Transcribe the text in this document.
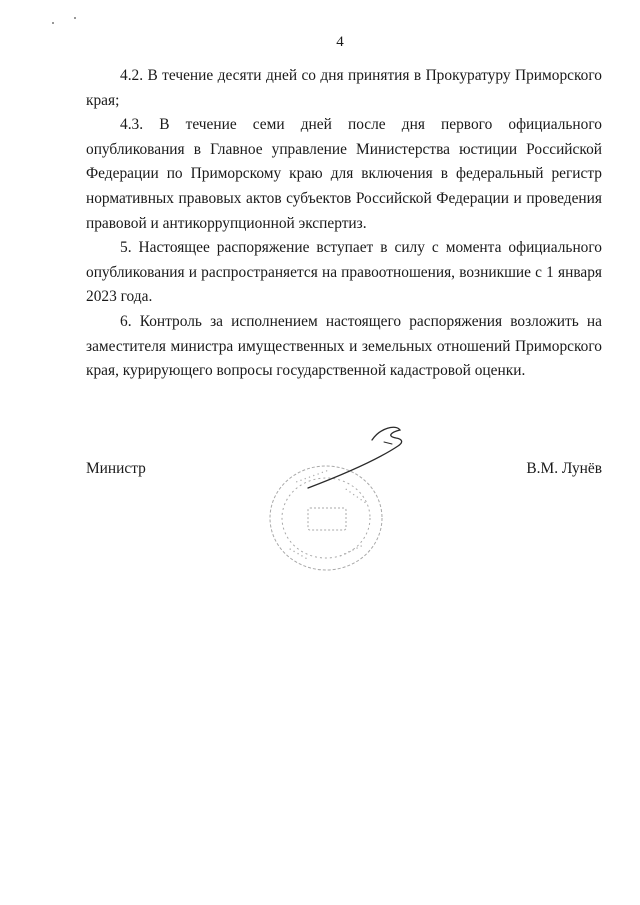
4

4.2. В течение десяти дней со дня принятия в Прокуратуру Приморского края;

4.3. В течение семи дней после дня первого официального опубликования в Главное управление Министерства юстиции Российской Федерации по Приморскому краю для включения в федеральный регистр нормативных правовых актов субъектов Российской Федерации и проведения правовой и антикоррупционной экспертиз.

5. Настоящее распоряжение вступает в силу с момента официального опубликования и распространяется на правоотношения, возникшие с 1 января 2023 года.

6. Контроль за исполнением настоящего распоряжения возложить на заместителя министра имущественных и земельных отношений Приморского края, курирующего вопросы государственной кадастровой оценки.

• • • • • • • •
• • • • • •
• • • • •	• • • • • •
Министр	В.М. Лунёв
